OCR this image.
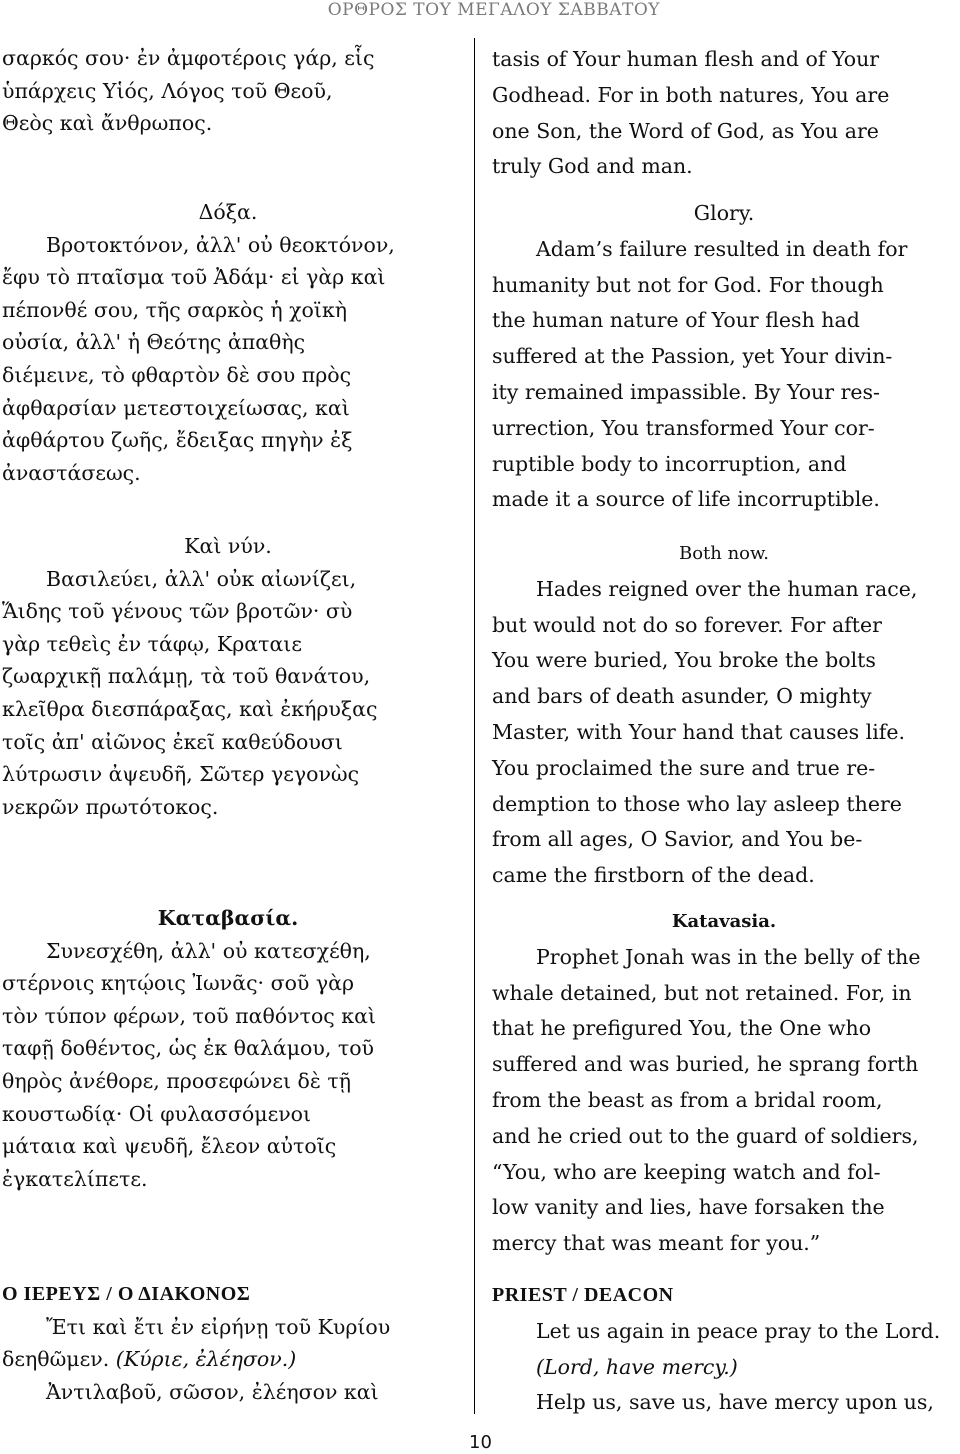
ΟΡΘΡΟΣ ΤΟΥ ΜΕΓΑΛΟΥ ΣΑΒΒΑΤΟΥ
σαρκός σου· ἐν ἀμφοτέροις γάρ, εἷς
ὑπάρχεις Υἱός, Λόγος τοῦ Θεοῦ,
Θεὸς καὶ ἄνθρωπος.
Δόξα.
Βροτοκτόνον, ἀλλ' οὐ θεοκτόνον,
ἔφυ τὸ πταῖσμα τοῦ Ἀδάμ· εἰ γὰρ καὶ
πέπονθέ σου, τῆς σαρκὸς ἡ χοϊκὴ
οὐσία, ἀλλ' ἡ Θεότης ἀπαθὴς
διέμεινε, τὸ φθαρτὸν δὲ σου πρὸς
ἀφθαρσίαν μετεστοιχείωσας, καὶ
ἀφθάρτου ζωῆς, ἔδειξας πηγὴν ἐξ
ἀναστάσεως.
Καὶ νύν.
Βασιλεύει, ἀλλ' οὐκ αἰωνίζει,
Ἅιδης τοῦ γένους τῶν βροτῶν· σὺ
γὰρ τεθεὶς ἐν τάφῳ, Κραταιε
ζωαρχικῇ παλάμῃ, τὰ τοῦ θανάτου,
κλεῖθρα διεσπάραξας, καὶ ἐκήρυξας
τοῖς ἀπ' αἰῶνος ἐκεῖ καθεύδουσι
λύτρωσιν ἀψευδῆ, Σῶτερ γεγονὼς
νεκρῶν πρωτότοκος.
Καταβασία.
Συνεσχέθη, ἀλλ' οὐ κατεσχέθη,
στέρνοις κητῴοις Ἰωνᾶς· σοῦ γὰρ
τὸν τύπον φέρων, τοῦ παθόντος καὶ
ταφῇ δοθέντος, ὡς ἐκ θαλάμου, τοῦ
θηρὸς ἀνέθορε, προσεφώνει δὲ τῇ
κουστωδίᾳ· Οἱ φυλασσόμενοι
μάταια καὶ ψευδῆ, ἔλεον αὐτοῖς
ἐγκατελίπετε.
Ο ΙΕΡΕΥΣ / Ο ΔΙΑΚΟΝΟΣ
Ἔτι καὶ ἔτι ἐν εἰρήνῃ τοῦ Κυρίου
δεηθῶμεν. (Κύριε, ἐλέησον.)
Ἀντιλαβοῦ, σῶσον, ἐλέησον καὶ
tasis of Your human flesh and of Your
Godhead. For in both natures, You are
one Son, the Word of God, as You are
truly God and man.
Glory.
Adam’s failure resulted in death for
humanity but not for God. For though
the human nature of Your flesh had
suffered at the Passion, yet Your divin-
ity remained impassible. By Your res-
urrection, You transformed Your cor-
ruptible body to incorruption, and
made it a source of life incorruptible.
Both now.
Hades reigned over the human race,
but would not do so forever. For after
You were buried, You broke the bolts
and bars of death asunder, O mighty
Master, with Your hand that causes life.
You proclaimed the sure and true re-
demption to those who lay asleep there
from all ages, O Savior, and You be-
came the firstborn of the dead.
Katavasia.
Prophet Jonah was in the belly of the
whale detained, but not retained. For, in
that he prefigured You, the One who
suffered and was buried, he sprang forth
from the beast as from a bridal room,
and he cried out to the guard of soldiers,
“You, who are keeping watch and fol-
low vanity and lies, have forsaken the
mercy that was meant for you.”
PRIEST / DEACON
Let us again in peace pray to the Lord.
(Lord, have mercy.)
Help us, save us, have mercy upon us,
10
